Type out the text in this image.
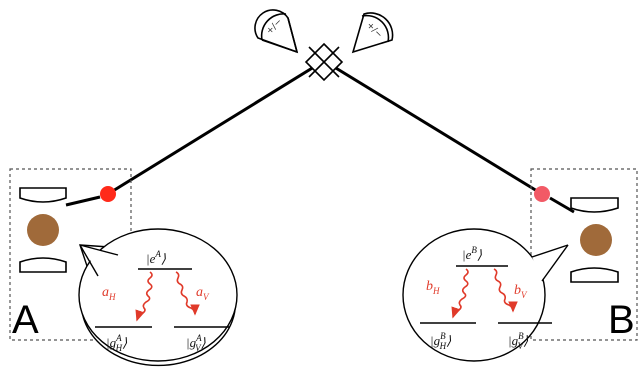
+/−	+/−
A
$|e^A⟩$
$|g^A$ H⟩	$|g^A$ V⟩
$a_H$	$a_V$
B
$|e^B⟩$
$|g^B$ H⟩	$|g^B$ V⟩
$b_H$	$b_V$
